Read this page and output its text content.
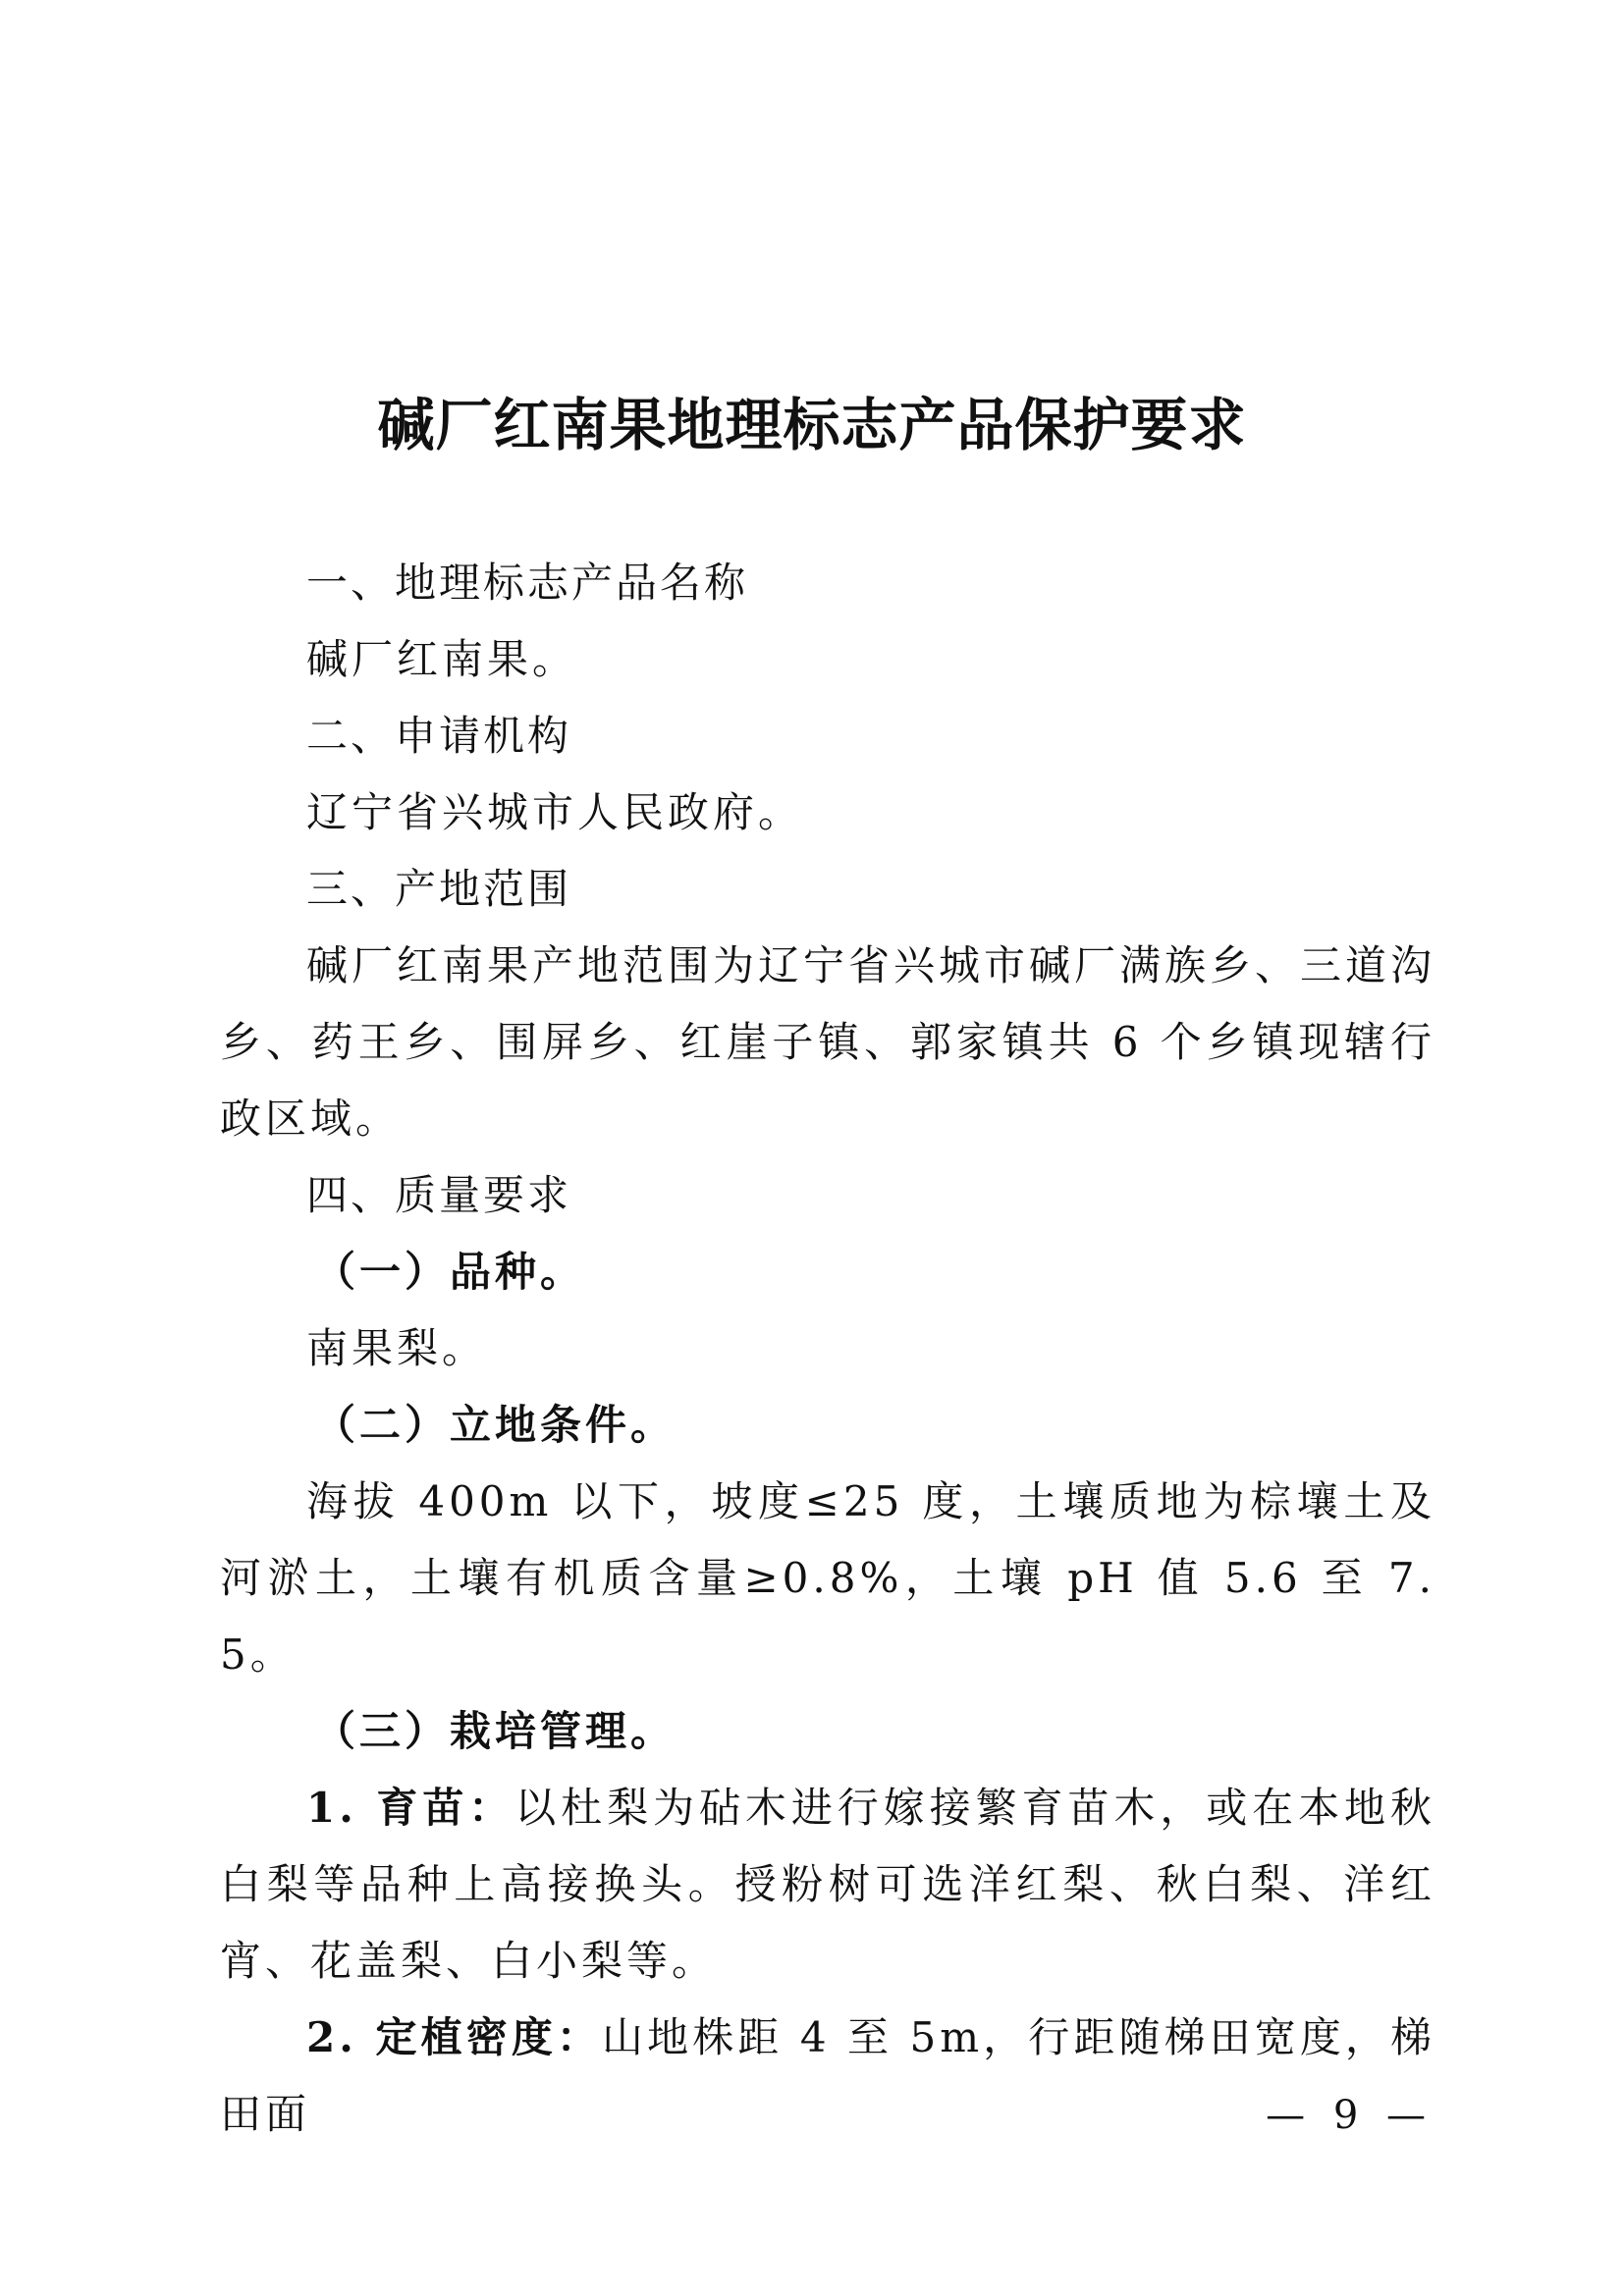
碱厂红南果地理标志产品保护要求

一、地理标志产品名称

碱厂红南果。

二、申请机构

辽宁省兴城市人民政府。

三、产地范围

碱厂红南果产地范围为辽宁省兴城市碱厂满族乡、三道沟乡、药王乡、围屏乡、红崖子镇、郭家镇共 6 个乡镇现辖行政区域。

四、质量要求

（一）品种。

南果梨。

（二）立地条件。

海拔 400m 以下，坡度≤25 度，土壤质地为棕壤土及河淤土，土壤有机质含量≥0.8%，土壤 pH 值 5.6 至 7.5。

（三）栽培管理。

1. 育苗：以杜梨为砧木进行嫁接繁育苗木，或在本地秋白梨等品种上高接换头。授粉树可选洋红梨、秋白梨、洋红宵、花盖梨、白小梨等。

2. 定植密度：山地株距 4 至 5m，行距随梯田宽度，梯田面	— 9 —
